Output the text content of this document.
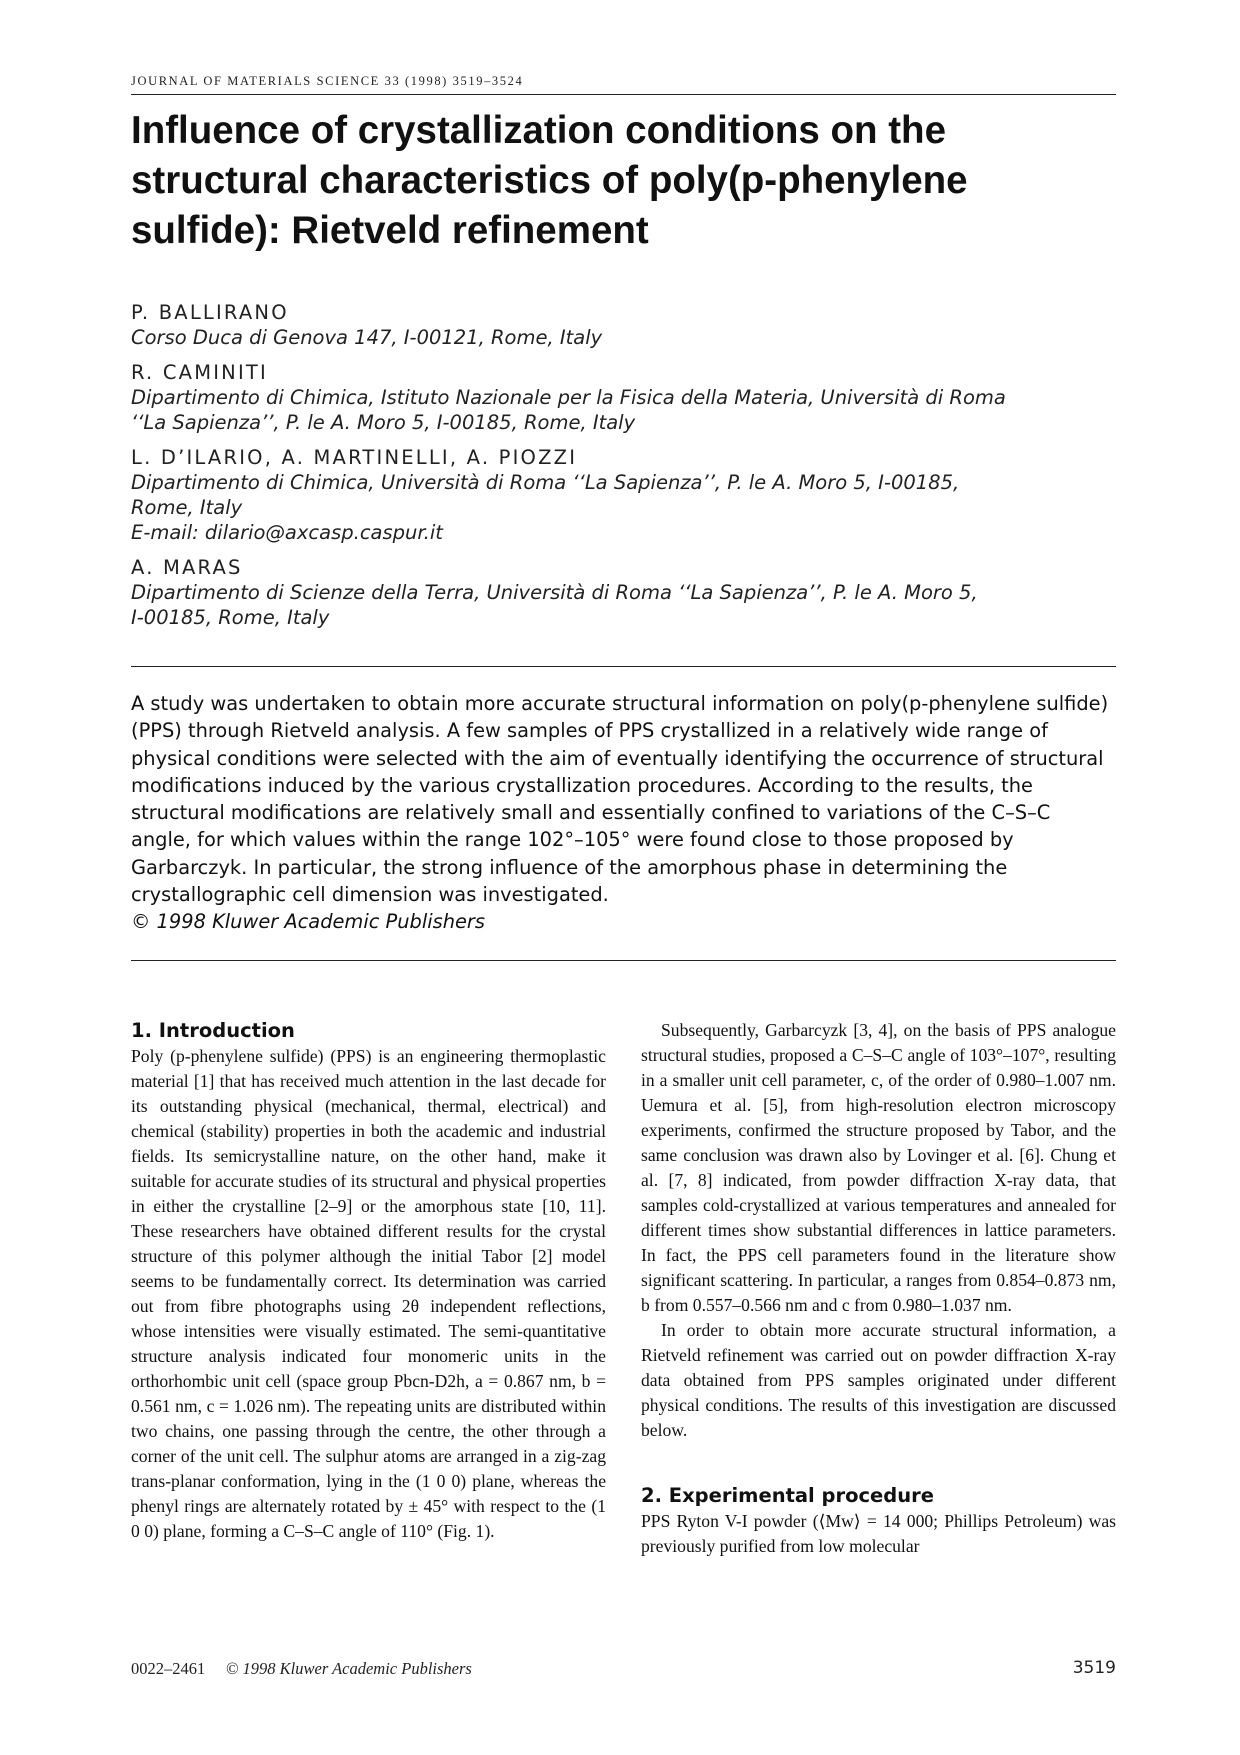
JOURNAL OF MATERIALS SCIENCE 33 (1998) 3519–3524

Influence of crystallization conditions on the

structural characteristics of poly(p-phenylene

sulfide): Rietveld refinement

P. BALLIRANO
Corso Duca di Genova 147, I-00121, Rome, Italy
R. CAMINITI
Dipartimento di Chimica, Istituto Nazionale per la Fisica della Materia, Università di Roma
‘‘La Sapienza’’, P. le A. Moro 5, I-00185, Rome, Italy
L. D’ILARIO, A. MARTINELLI, A. PIOZZI
Dipartimento di Chimica, Università di Roma ‘‘La Sapienza’’, P. le A. Moro 5, I-00185,
Rome, Italy
E-mail: dilario@axcasp.caspur.it
A. MARAS
Dipartimento di Scienze della Terra, Università di Roma ‘‘La Sapienza’’, P. le A. Moro 5,
I-00185, Rome, Italy

A study was undertaken to obtain more accurate structural information on poly(p-phenylene sulfide) (PPS) through Rietveld analysis. A few samples of PPS crystallized in a relatively wide range of physical conditions were selected with the aim of eventually identifying the occurrence of structural modifications induced by the various crystallization procedures. According to the results, the structural modifications are relatively small and essentially confined to variations of the C–S–C angle, for which values within the range 102°–105° were found close to those proposed by Garbarczyk. In particular, the strong influence of the amorphous phase in determining the crystallographic cell dimension was investigated.

© 1998 Kluwer Academic Publishers

1. Introduction

Poly (p-phenylene sulfide) (PPS) is an engineering thermoplastic material [1] that has received much attention in the last decade for its outstanding physical (mechanical, thermal, electrical) and chemical (stability) properties in both the academic and industrial fields. Its semicrystalline nature, on the other hand, make it suitable for accurate studies of its structural and physical properties in either the crystalline [2–9] or the amorphous state [10, 11]. These researchers have obtained different results for the crystal structure of this polymer although the initial Tabor [2] model seems to be fundamentally correct. Its determination was carried out from fibre photographs using 2θ independent reflections, whose intensities were visually estimated. The semi-quantitative structure analysis indicated four monomeric units in the orthorhombic unit cell (space group Pbcn-D2h, a = 0.867 nm, b = 0.561 nm, c = 1.026 nm). The repeating units are distributed within two chains, one passing through the centre, the other through a corner of the unit cell. The sulphur atoms are arranged in a zig-zag trans-planar conformation, lying in the (1 0 0) plane, whereas the phenyl rings are alternately rotated by ± 45° with respect to the (1 0 0) plane, forming a C–S–C angle of 110° (Fig. 1).

Subsequently, Garbarcyzk [3, 4], on the basis of PPS analogue structural studies, proposed a C–S–C angle of 103°–107°, resulting in a smaller unit cell parameter, c, of the order of 0.980–1.007 nm. Uemura et al. [5], from high-resolution electron microscopy experiments, confirmed the structure proposed by Tabor, and the same conclusion was drawn also by Lovinger et al. [6]. Chung et al. [7, 8] indicated, from powder diffraction X-ray data, that samples cold-crystallized at various temperatures and annealed for different times show substantial differences in lattice parameters. In fact, the PPS cell parameters found in the literature show significant scattering. In particular, a ranges from 0.854–0.873 nm, b from 0.557–0.566 nm and c from 0.980–1.037 nm.

In order to obtain more accurate structural information, a Rietveld refinement was carried out on powder diffraction X-ray data obtained from PPS samples originated under different physical conditions. The results of this investigation are discussed below.

2. Experimental procedure

PPS Ryton V-I powder (⟨Mw⟩ = 14 000; Phillips Petroleum) was previously purified from low molecular

0022–2461 © 1998 Kluwer Academic Publishers	3519
